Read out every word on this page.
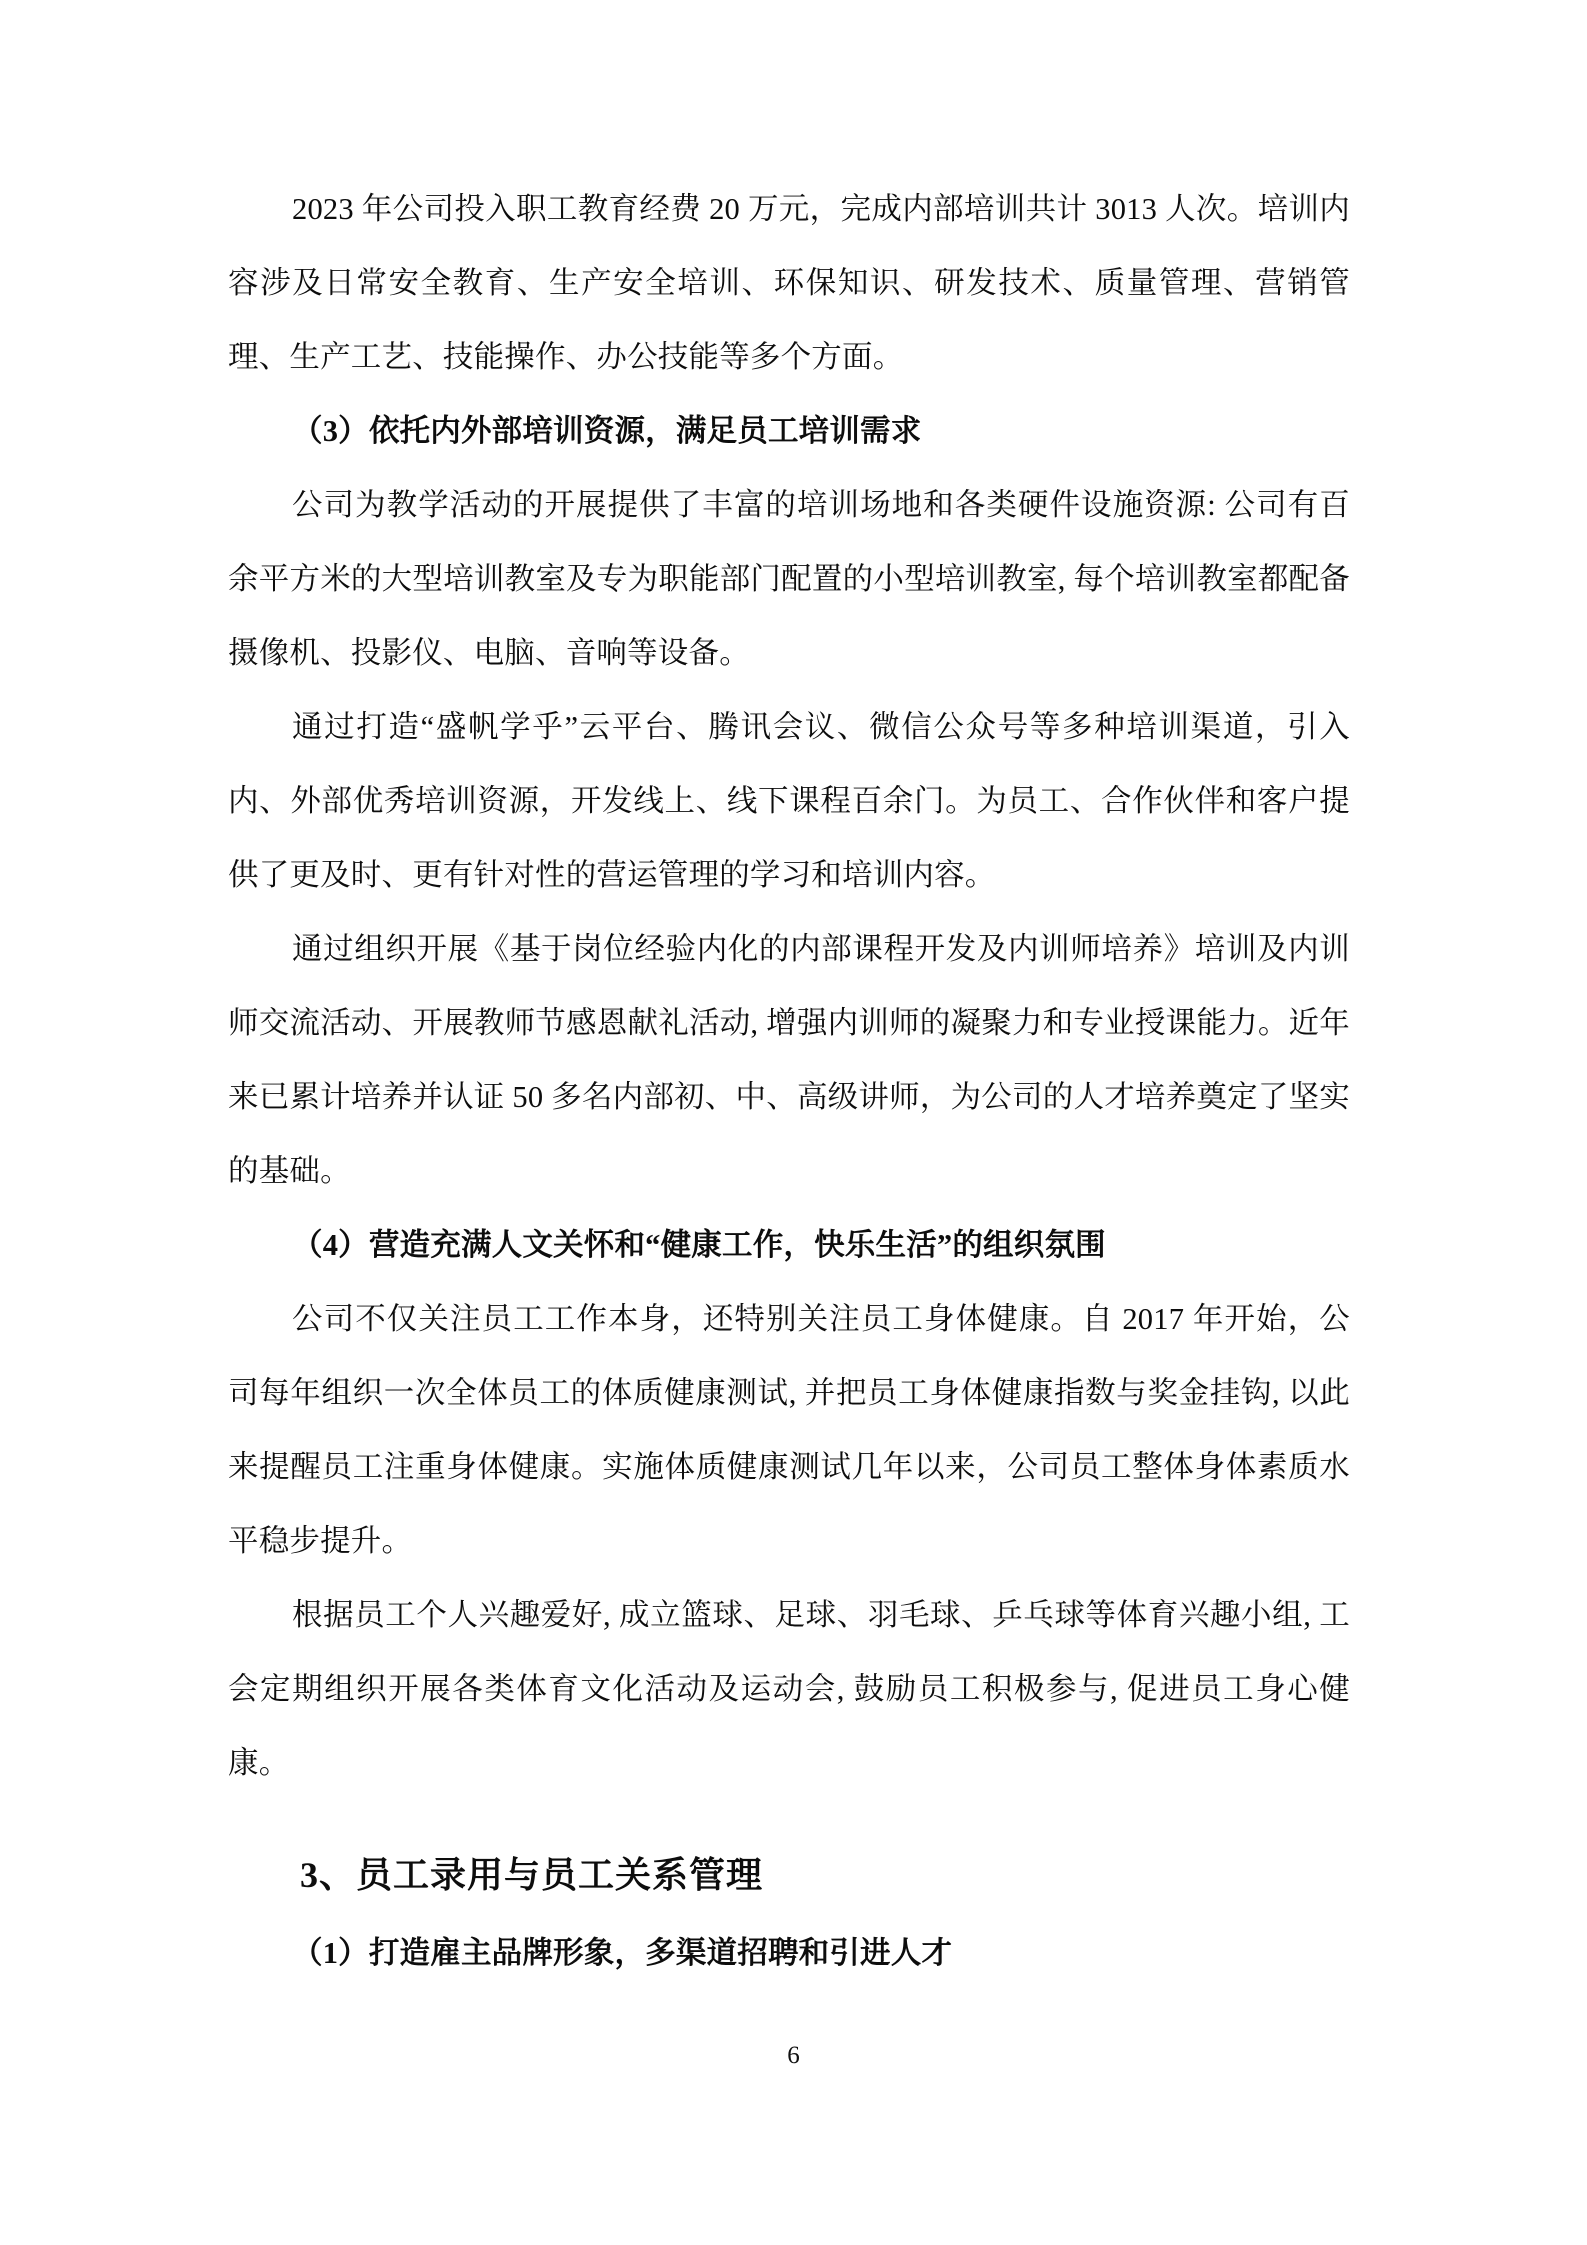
2023 年公司投入职工教育经费 20 万元，完成内部培训共计 3013 人次。培训内容涉及日常安全教育、生产安全培训、环保知识、研发技术、质量管理、营销管理、生产工艺、技能操作、办公技能等多个方面。

（3）依托内外部培训资源，满足员工培训需求

公司为教学活动的开展提供了丰富的培训场地和各类硬件设施资源: 公司有百余平方米的大型培训教室及专为职能部门配置的小型培训教室, 每个培训教室都配备摄像机、投影仪、电脑、音响等设备。

通过打造“盛帆学乎”云平台、腾讯会议、微信公众号等多种培训渠道，引入内、外部优秀培训资源，开发线上、线下课程百余门。为员工、合作伙伴和客户提供了更及时、更有针对性的营运管理的学习和培训内容。

通过组织开展《基于岗位经验内化的内部课程开发及内训师培养》培训及内训师交流活动、开展教师节感恩献礼活动, 增强内训师的凝聚力和专业授课能力。近年来已累计培养并认证 50 多名内部初、中、高级讲师，为公司的人才培养奠定了坚实的基础。

（4）营造充满人文关怀和“健康工作，快乐生活”的组织氛围

公司不仅关注员工工作本身，还特别关注员工身体健康。自 2017 年开始，公司每年组织一次全体员工的体质健康测试, 并把员工身体健康指数与奖金挂钩, 以此来提醒员工注重身体健康。实施体质健康测试几年以来，公司员工整体身体素质水平稳步提升。

根据员工个人兴趣爱好, 成立篮球、足球、羽毛球、乒乓球等体育兴趣小组, 工会定期组织开展各类体育文化活动及运动会, 鼓励员工积极参与, 促进员工身心健康。

3、员工录用与员工关系管理

（1）打造雇主品牌形象，多渠道招聘和引进人才

6
